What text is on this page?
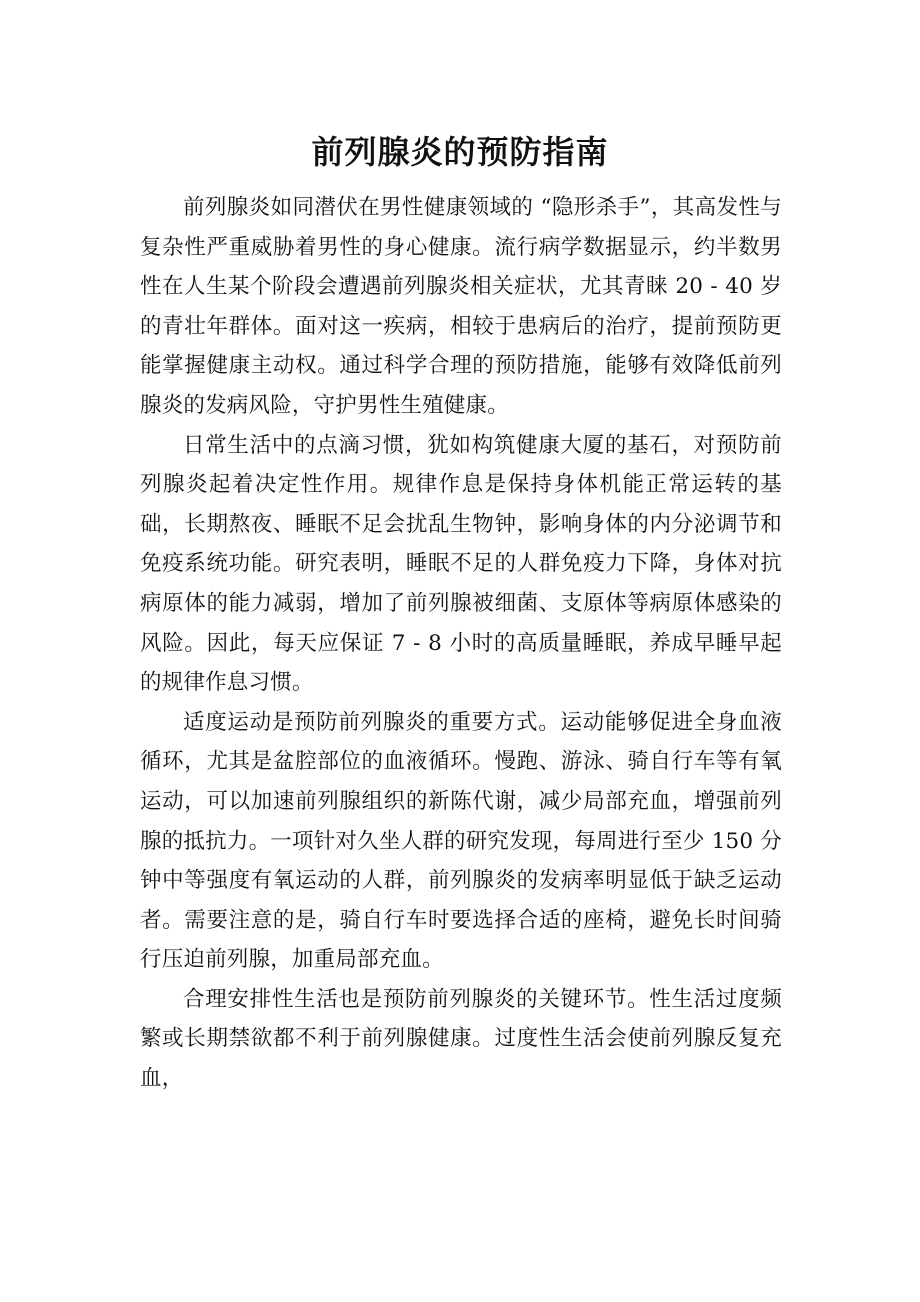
前列腺炎的预防指南

前列腺炎如同潜伏在男性健康领域的 “隐形杀手”，其高发性与复杂性严重威胁着男性的身心健康。流行病学数据显示，约半数男性在人生某个阶段会遭遇前列腺炎相关症状，尤其青睐 20 - 40 岁的青壮年群体。面对这一疾病，相较于患病后的治疗，提前预防更能掌握健康主动权。通过科学合理的预防措施，能够有效降低前列腺炎的发病风险，守护男性生殖健康。

日常生活中的点滴习惯，犹如构筑健康大厦的基石，对预防前列腺炎起着决定性作用。规律作息是保持身体机能正常运转的基础，长期熬夜、睡眠不足会扰乱生物钟，影响身体的内分泌调节和免疫系统功能。研究表明，睡眠不足的人群免疫力下降，身体对抗病原体的能力减弱，增加了前列腺被细菌、支原体等病原体感染的风险。因此，每天应保证 7 - 8 小时的高质量睡眠，养成早睡早起的规律作息习惯。

适度运动是预防前列腺炎的重要方式。运动能够促进全身血液循环，尤其是盆腔部位的血液循环。慢跑、游泳、骑自行车等有氧运动，可以加速前列腺组织的新陈代谢，减少局部充血，增强前列腺的抵抗力。一项针对久坐人群的研究发现，每周进行至少 150 分钟中等强度有氧运动的人群，前列腺炎的发病率明显低于缺乏运动者。需要注意的是，骑自行车时要选择合适的座椅，避免长时间骑行压迫前列腺，加重局部充血。

合理安排性生活也是预防前列腺炎的关键环节。性生活过度频繁或长期禁欲都不利于前列腺健康。过度性生活会使前列腺反复充血，
